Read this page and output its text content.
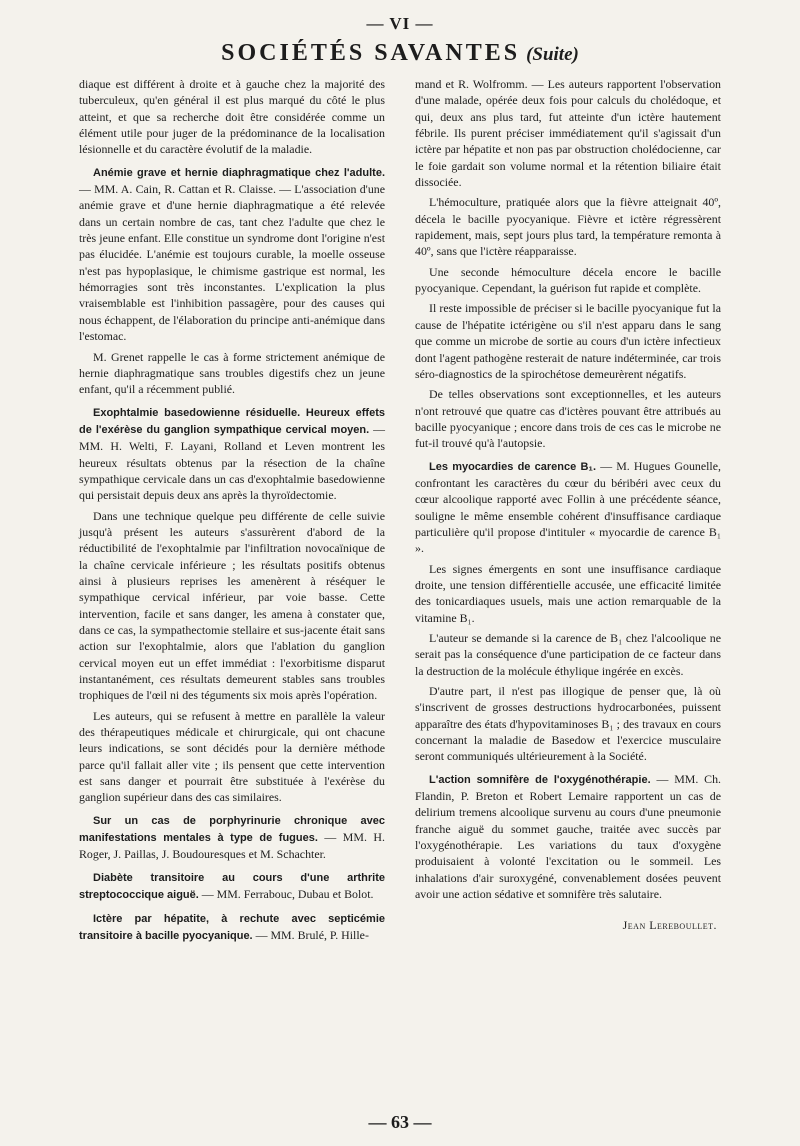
— VI —
SOCIÉTÉS SAVANTES (Suite)

diaque est différent à droite et à gauche chez la majorité des tuberculeux, qu'en général il est plus marqué du côté le plus atteint, et que sa recherche doit être considérée comme un élément utile pour juger de la prédominance de la localisation lésionnelle et du caractère évolutif de la maladie.

Anémie grave et hernie diaphragmatique chez l'adulte. — MM. A. Cain, R. Cattan et R. Claisse. — L'association d'une anémie grave et d'une hernie diaphragmatique a été relevée dans un certain nombre de cas, tant chez l'adulte que chez le très jeune enfant. Elle constitue un syndrome dont l'origine n'est pas élucidée. L'anémie est toujours curable, la moelle osseuse n'est pas hypoplasique, le chimisme gastrique est normal, les hémorragies sont très inconstantes. L'explication la plus vraisemblable est l'inhibition passagère, pour des causes qui nous échappent, de l'élaboration du principe anti-anémique dans l'estomac.

M. Grenet rappelle le cas à forme strictement anémique de hernie diaphragmatique sans troubles digestifs chez un jeune enfant, qu'il a récemment publié.

Exophtalmie basedowienne résiduelle. Heureux effets de l'exérèse du ganglion sympathique cervical moyen. — MM. H. Welti, F. Layani, Rolland et Leven montrent les heureux résultats obtenus par la résection de la chaîne sympathique cervicale dans un cas d'exophtalmie basedowienne qui persistait depuis deux ans après la thyroïdectomie.

Dans une technique quelque peu différente de celle suivie jusqu'à présent les auteurs s'assurèrent d'abord de la réductibilité de l'exophtalmie par l'infiltration novocaïnique de la chaîne cervicale inférieure ; les résultats positifs obtenus ainsi à plusieurs reprises les amenèrent à réséquer le sympathique cervical inférieur, par voie basse. Cette intervention, facile et sans danger, les amena à constater que, dans ce cas, la sympathectomie stellaire et sus-jacente était sans action sur l'exophtalmie, alors que l'ablation du ganglion cervical moyen eut un effet immédiat : l'exorbitisme disparut instantanément, ces résultats demeurent stables sans troubles trophiques de l'œil ni des téguments six mois après l'opération.

Les auteurs, qui se refusent à mettre en parallèle la valeur des thérapeutiques médicale et chirurgicale, qui ont chacune leurs indications, se sont décidés pour la dernière méthode parce qu'il fallait aller vite ; ils pensent que cette intervention est sans danger et pourrait être substituée à l'exérèse du ganglion supérieur dans des cas similaires.

Sur un cas de porphyrinurie chronique avec manifestations mentales à type de fugues. — MM. H. Roger, J. Paillas, J. Boudouresques et M. Schachter.

Diabète transitoire au cours d'une arthrite streptococcique aiguë. — MM. Ferrabouc, Dubau et Bolot.

Ictère par hépatite, à rechute avec septicémie transitoire à bacille pyocyanique. — MM. Brulé, P. Hille-

mand et R. Wolfromm. — Les auteurs rapportent l'observation d'une malade, opérée deux fois pour calculs du cholédoque, et qui, deux ans plus tard, fut atteinte d'un ictère hautement fébrile. Ils purent préciser immédiatement qu'il s'agissait d'un ictère par hépatite et non pas par obstruction cholédocienne, car le foie gardait son volume normal et la rétention biliaire était dissociée.

L'hémoculture, pratiquée alors que la fièvre atteignait 40º, décela le bacille pyocyanique. Fièvre et ictère régressèrent rapidement, mais, sept jours plus tard, la température remonta à 40º, sans que l'ictère réapparaisse.

Une seconde hémoculture décela encore le bacille pyocyanique. Cependant, la guérison fut rapide et complète.

Il reste impossible de préciser si le bacille pyocyanique fut la cause de l'hépatite ictérigène ou s'il n'est apparu dans le sang que comme un microbe de sortie au cours d'un ictère infectieux dont l'agent pathogène resterait de nature indéterminée, car trois séro-diagnostics de la spirochétose demeurèrent négatifs.

De telles observations sont exceptionnelles, et les auteurs n'ont retrouvé que quatre cas d'ictères pouvant être attribués au bacille pyocyanique ; encore dans trois de ces cas le microbe ne fut-il trouvé qu'à l'autopsie.

Les myocardies de carence B₁. — M. Hugues Gounelle, confrontant les caractères du cœur du béribéri avec ceux du cœur alcoolique rapporté avec Follin à une précédente séance, souligne le même ensemble cohérent d'insuffisance cardiaque particulière qu'il propose d'intituler « myocardie de carence B₁ ».

Les signes émergents en sont une insuffisance cardiaque droite, une tension différentielle accusée, une efficacité limitée des tonicardiaques usuels, mais une action remarquable de la vitamine B₁.

L'auteur se demande si la carence de B₁ chez l'alcoolique ne serait pas la conséquence d'une participation de ce facteur dans la destruction de la molécule éthylique ingérée en excès.

D'autre part, il n'est pas illogique de penser que, là où s'inscrivent de grosses destructions hydrocarbonées, puissent apparaître des états d'hypovitaminoses B₁ ; des travaux en cours concernant la maladie de Basedow et l'exercice musculaire seront communiqués ultérieurement à la Société.

L'action somnifère de l'oxygénothérapie. — MM. Ch. Flandin, P. Breton et Robert Lemaire rapportent un cas de delirium tremens alcoolique survenu au cours d'une pneumonie franche aiguë du sommet gauche, traitée avec succès par l'oxygénothérapie. Les variations du taux d'oxygène produisaient à volonté l'excitation ou le sommeil. Les inhalations d'air suroxygéné, convenablement dosées peuvent avoir une action sédative et somnifère très salutaire.

Jean Lereboullet.

— 63 —
